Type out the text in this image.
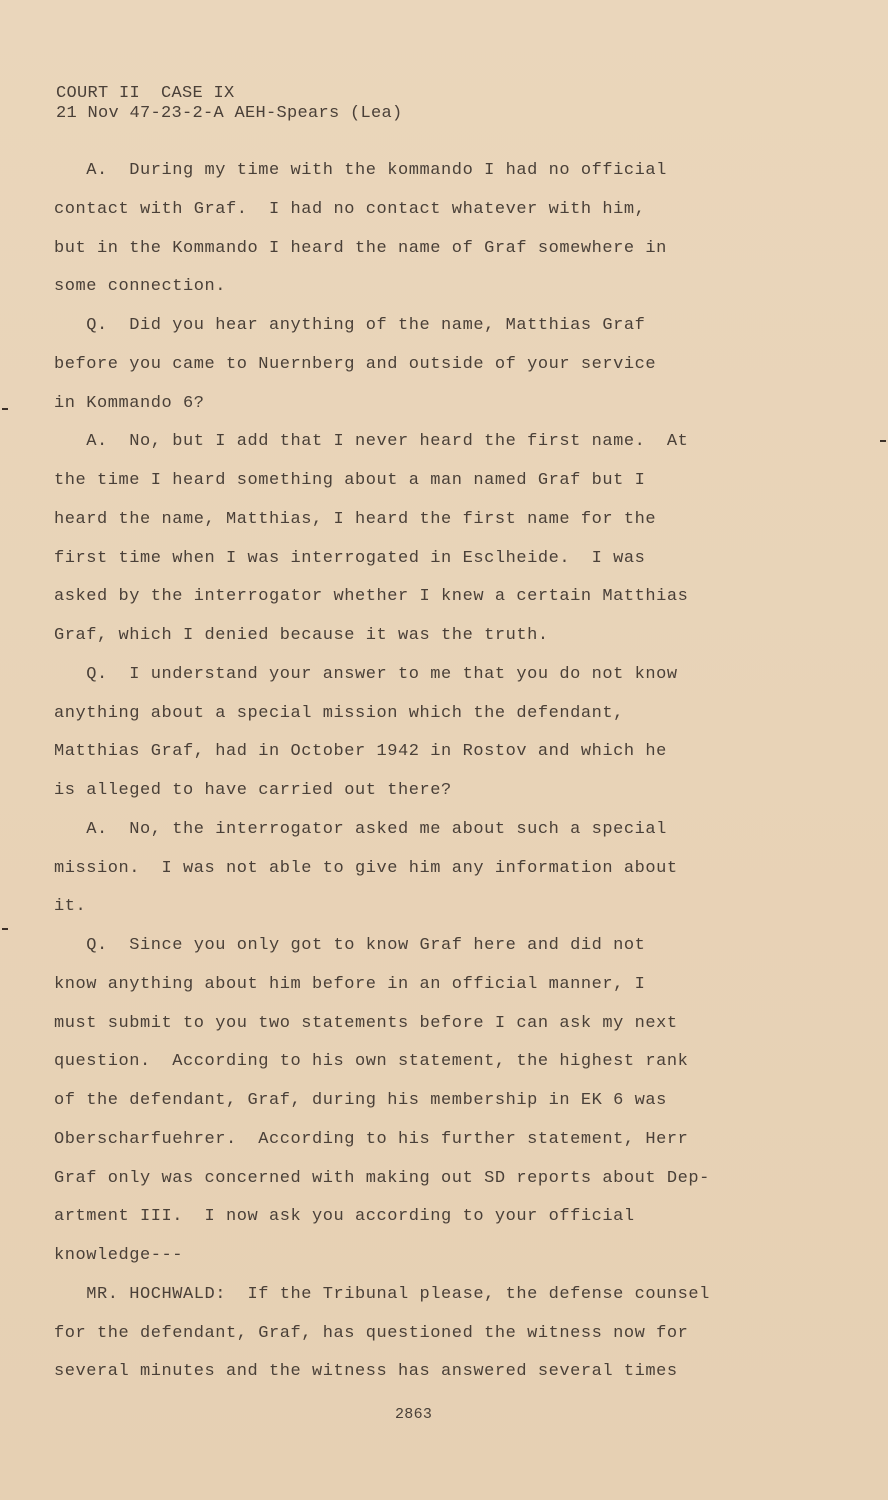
COURT II  CASE IX
21 Nov 47-23-2-A AEH-Spears (Lea)
A.  During my time with the kommando I had no official
contact with Graf.  I had no contact whatever with him,
but in the Kommando I heard the name of Graf somewhere in
some connection.
Q.  Did you hear anything of the name, Matthias Graf
before you came to Nuernberg and outside of your service
in Kommando 6?
A.  No, but I add that I never heard the first name.  At
the time I heard something about a man named Graf but I
heard the name, Matthias, I heard the first name for the
first time when I was interrogated in Esclheide.  I was
asked by the interrogator whether I knew a certain Matthias
Graf, which I denied because it was the truth.
Q.  I understand your answer to me that you do not know
anything about a special mission which the defendant,
Matthias Graf, had in October 1942 in Rostov and which he
is alleged to have carried out there?
A.  No, the interrogator asked me about such a special
mission.  I was not able to give him any information about
it.
Q.  Since you only got to know Graf here and did not
know anything about him before in an official manner, I
must submit to you two statements before I can ask my next
question.  According to his own statement, the highest rank
of the defendant, Graf, during his membership in EK 6 was
Oberscharfuehrer.  According to his further statement, Herr
Graf only was concerned with making out SD reports about Dep-
artment III.  I now ask you according to your official
knowledge---
MR. HOCHWALD:  If the Tribunal please, the defense counsel
for the defendant, Graf, has questioned the witness now for
several minutes and the witness has answered several times
2863
